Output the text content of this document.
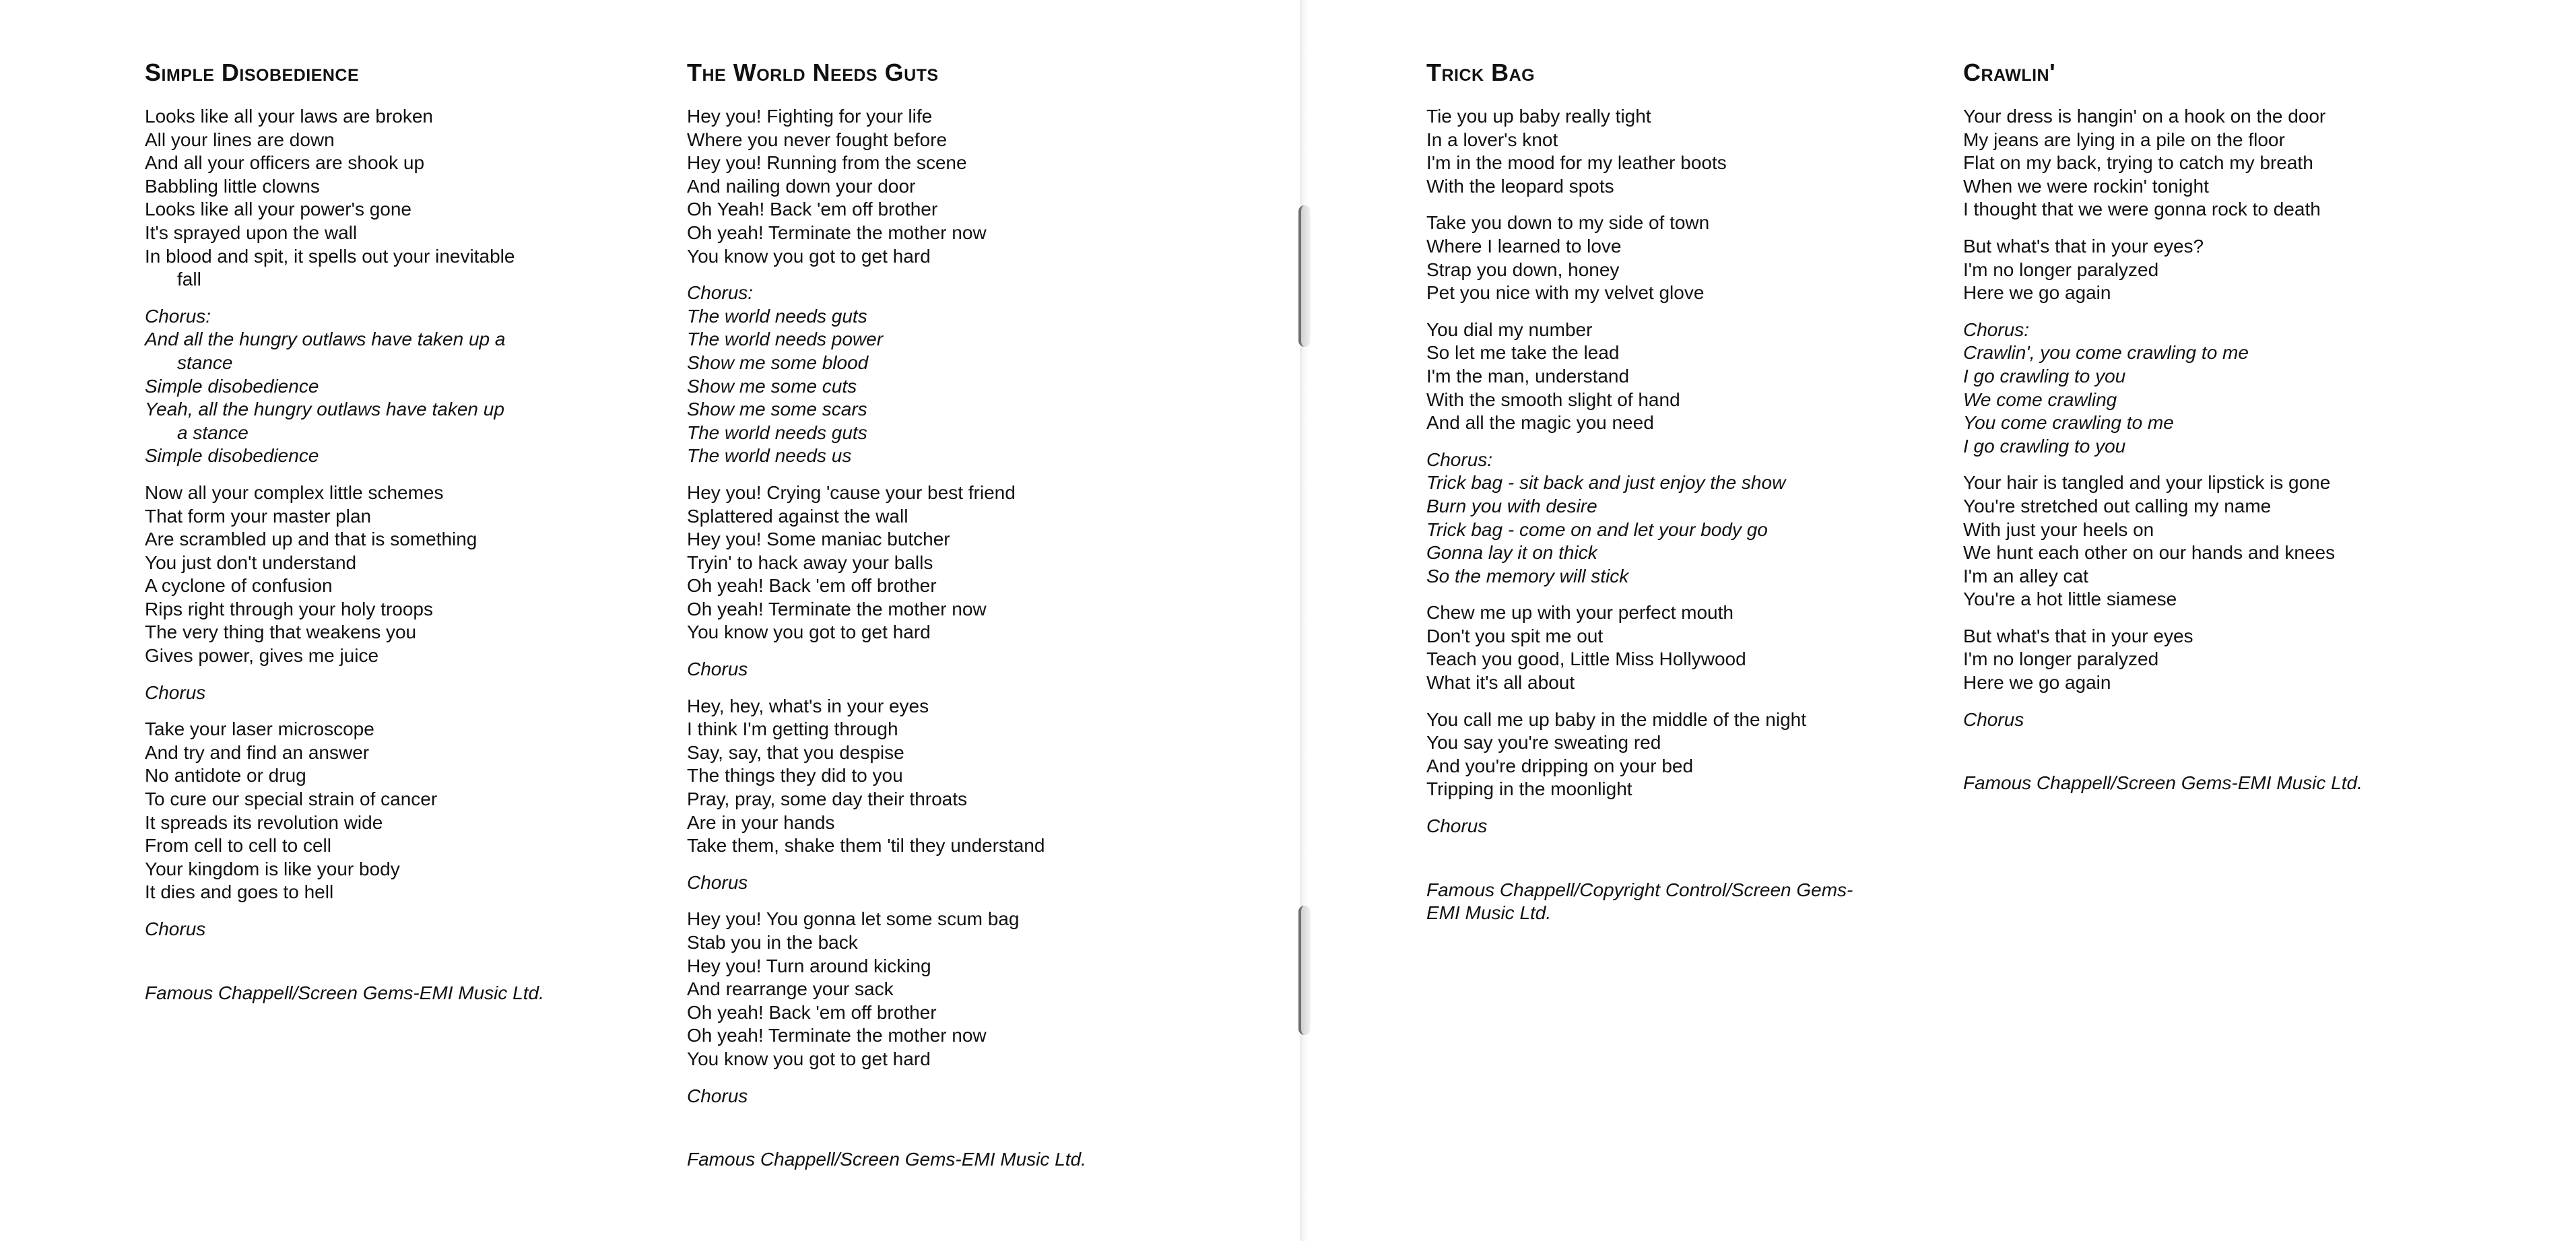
Simple Disobedience
Looks like all your laws are broken
All your lines are down
And all your officers are shook up
Babbling little clowns
Looks like all your power's gone
It's sprayed upon the wall
In blood and spit, it spells out your inevitable
fall
Chorus:
And all the hungry outlaws have taken up a
stance
Simple disobedience
Yeah, all the hungry outlaws have taken up
a stance
Simple disobedience
Now all your complex little schemes
That form your master plan
Are scrambled up and that is something
You just don't understand
A cyclone of confusion
Rips right through your holy troops
The very thing that weakens you
Gives power, gives me juice
Chorus
Take your laser microscope
And try and find an answer
No antidote or drug
To cure our special strain of cancer
It spreads its revolution wide
From cell to cell to cell
Your kingdom is like your body
It dies and goes to hell
Chorus
Famous Chappell/Screen Gems-EMI Music Ltd.
The World Needs Guts
Hey you! Fighting for your life
Where you never fought before
Hey you! Running from the scene
And nailing down your door
Oh Yeah! Back 'em off brother
Oh yeah! Terminate the mother now
You know you got to get hard
Chorus:
The world needs guts
The world needs power
Show me some blood
Show me some cuts
Show me some scars
The world needs guts
The world needs us
Hey you! Crying 'cause your best friend
Splattered against the wall
Hey you! Some maniac butcher
Tryin' to hack away your balls
Oh yeah! Back 'em off brother
Oh yeah! Terminate the mother now
You know you got to get hard
Chorus
Hey, hey, what's in your eyes
I think I'm getting through
Say, say, that you despise
The things they did to you
Pray, pray, some day their throats
Are in your hands
Take them, shake them 'til they understand
Chorus
Hey you! You gonna let some scum bag
Stab you in the back
Hey you! Turn around kicking
And rearrange your sack
Oh yeah! Back 'em off brother
Oh yeah! Terminate the mother now
You know you got to get hard
Chorus
Famous Chappell/Screen Gems-EMI Music Ltd.
Trick Bag
Tie you up baby really tight
In a lover's knot
I'm in the mood for my leather boots
With the leopard spots
Take you down to my side of town
Where I learned to love
Strap you down, honey
Pet you nice with my velvet glove
You dial my number
So let me take the lead
I'm the man, understand
With the smooth slight of hand
And all the magic you need
Chorus:
Trick bag - sit back and just enjoy the show
Burn you with desire
Trick bag - come on and let your body go
Gonna lay it on thick
So the memory will stick
Chew me up with your perfect mouth
Don't you spit me out
Teach you good, Little Miss Hollywood
What it's all about
You call me up baby in the middle of the night
You say you're sweating red
And you're dripping on your bed
Tripping in the moonlight
Chorus
Famous Chappell/Copyright Control/Screen Gems-EMI Music Ltd.
Crawlin'
Your dress is hangin' on a hook on the door
My jeans are lying in a pile on the floor
Flat on my back, trying to catch my breath
When we were rockin' tonight
I thought that we were gonna rock to death
But what's that in your eyes?
I'm no longer paralyzed
Here we go again
Chorus:
Crawlin', you come crawling to me
I go crawling to you
We come crawling
You come crawling to me
I go crawling to you
Your hair is tangled and your lipstick is gone
You're stretched out calling my name
With just your heels on
We hunt each other on our hands and knees
I'm an alley cat
You're a hot little siamese
But what's that in your eyes
I'm no longer paralyzed
Here we go again
Chorus
Famous Chappell/Screen Gems-EMI Music Ltd.
